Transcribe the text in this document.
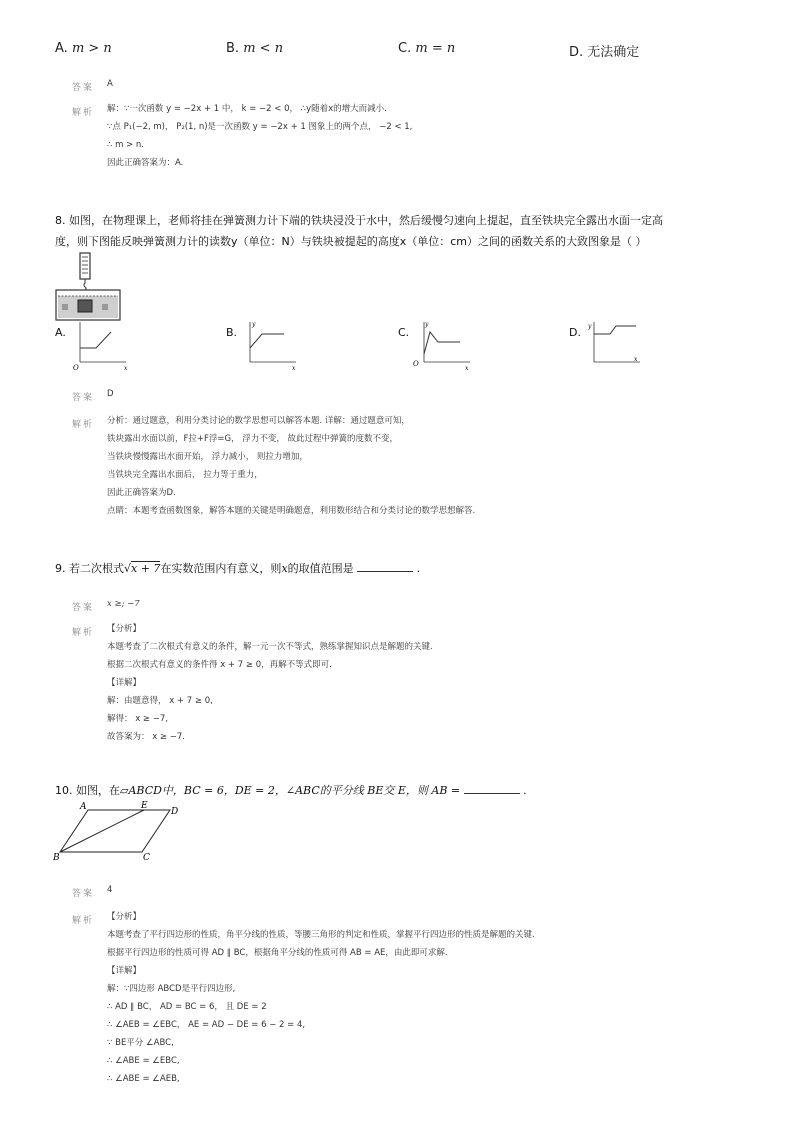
A. m > n	B. m < n	C. m = n	D. 无法确定
答案 A
解析 解：∵一次函数 y = −2x + 1 中， k = −2 < 0， ∴y随着x的增大而减小.
∵点 P₁(−2, m)， P₂(1, n)是一次函数 y = −2x + 1 图象上的两个点， −2 < 1,
∴ m > n.
因此正确答案为：A.
8. 如图，在物理课上，老师将挂在弹簧测力计下端的铁块浸没于水中，然后缓慢匀速向上提起，直至铁块完全露出水面一定高
度，则下图能反映弹簧测力计的读数y（单位：N）与铁块被提起的高度x（单位：cm）之间的函数关系的大致图象是（ ）
A.
x
O
B.
y
x
C.
y
x
O
D. y
x
答案 D
解析 分析：通过题意，利用分类讨论的数学思想可以解答本题. 详解：通过题意可知，
铁块露出水面以前，F拉+F浮=G， 浮力不变， 故此过程中弹簧的度数不变，
当铁块慢慢露出水面开始， 浮力减小， 则拉力增加，
当铁块完全露出水面后， 拉力等于重力，
因此正确答案为D.
点睛：本题考查函数图象，解答本题的关键是明确题意，利用数形结合和分类讨论的数学思想解答.
9. 若二次根式√x + 7在实数范围内有意义，则x的取值范围是	.
答案 x ≥; −7
解析 【分析】
本题考查了二次根式有意义的条件，解一元一次不等式，熟练掌握知识点是解题的关键.
根据二次根式有意义的条件得 x + 7 ≥ 0，再解不等式即可.
【详解】
解：由题意得， x + 7 ≥ 0,
解得： x ≥ −7,
故答案为： x ≥ −7.
10. 如图，在▱ABCD中，BC = 6，DE = 2，∠ABC的平分线 BE交 E，则 AB =	.
A	E
D
B	C
答案 4
解析 【分析】
本题考查了平行四边形的性质，角平分线的性质，等腰三角形的判定和性质，掌握平行四边形的性质是解题的关键.
根据平行四边形的性质可得 AD ∥ BC，根据角平分线的性质可得 AB = AE，由此即可求解.
【详解】
解：∵四边形 ABCD是平行四边形,
∴ AD ∥ BC， AD = BC = 6， 且 DE = 2
∴ ∠AEB = ∠EBC， AE = AD − DE = 6 − 2 = 4,
∵ BE平分 ∠ABC,
∴ ∠ABE = ∠EBC,
∴ ∠ABE = ∠AEB,
